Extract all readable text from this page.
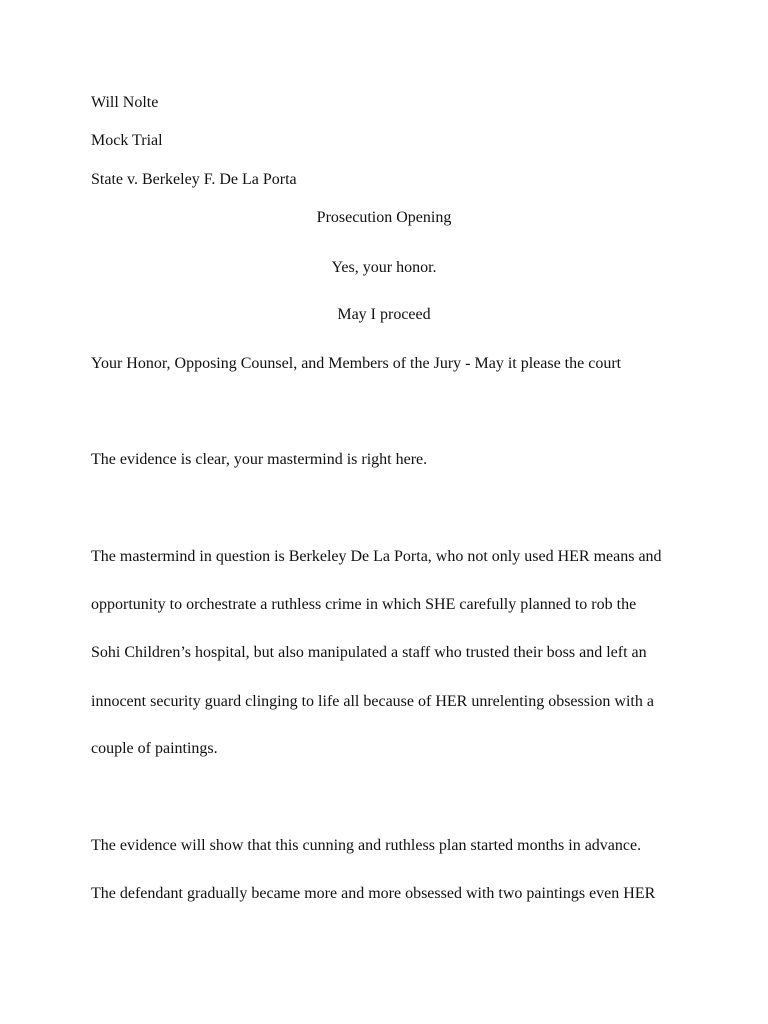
Will Nolte
Mock Trial
State v. Berkeley F. De La Porta
Prosecution Opening
Yes, your honor.
May I proceed
Your Honor, Opposing Counsel, and Members of the Jury - May it please the court
The evidence is clear, your mastermind is right here.
The mastermind in question is Berkeley De La Porta, who not only used HER means and
opportunity to orchestrate a ruthless crime in which SHE carefully planned to rob the
Sohi Children’s hospital, but also manipulated a staff who trusted their boss and left an
innocent security guard clinging to life all because of HER unrelenting obsession with a
couple of paintings.
The evidence will show that this cunning and ruthless plan started months in advance.
The defendant gradually became more and more obsessed with two paintings even HER
